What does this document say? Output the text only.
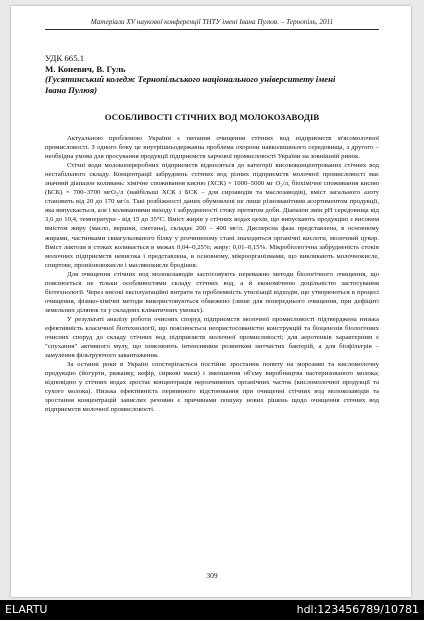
Матеріали XV наукової конференції ТНТУ імені Івана Пулюя. – Тернопіль, 2011
УДК 665.1
М. Коневич, В. Гуль
(Гусятинський коледж Тернопільського національного університету імені
Івана Пулюя)
ОСОБЛИВОСТІ СТІЧНИХ ВОД МОЛОКОЗАВОДІВ

Актуальною проблемою України є питання очищення стічних вод підприємств м'ясомолочної промисловості. З одного боку це внутрішньодержавна проблема охорони навколишнього середовища, з другого – необхідна умова для просування продукції підприємств харчової промисловості України на зовнішній ринок.

Стічні води молокопереробних підприємств відносяться до категорії висококонцентрованих стічних вод нестабільного складу. Концентрації забруднень стічних вод різних підприємств молочної промисловості має значний діапазон коливань: хімічне споживання кисню (ХСК) = 1000–5000 мг O₂/л, біохімічне споживання кисню (БСК) = 700–3700 мгO₂/л (найбільші ХСК і БСК – для сирзаводів та маслозаводів), вміст загального азоту становить від 20 до 170 мг/л. Такі розбіжності даних обумовлені не лише різноманітним асортиментом продукції, яка випускається, але і коливаннями виходу і забрудненості стоку протягом доби. Діапазон змін pH середовища від 3,6 до 10,4, температури - від 15 до 35°С. Вміст жирів у стічних водах цехів, що випускають продукцію з високим вмістом жиру (масло, вершки, сметана), складає 200 – 400 мг/л. Дисперсна фаза представлена, в основному жирами, частинками сквагульованого білку у розчиненому стані знаходяться органічні кислоти, молочний цукор. Вміст лактози в стоках коливається в межах 0,04–0,25%; жиру: 0,01–0,15%. Мікробіологічна забрудненість стоків молочних підприємств невисока і представлена, в основному, мікроорганізмами, що викликають молочнокисле, спиртове, пропіоновокисле і маслянокисле бродіння.

Для очищення стічних вод молокозаводів застосовують переважно методи біологічного очищення, що пояснюється не тільки особливостями складу стічних вод, а й економічною доцільністю застосування біотехнології. Через високі експлуатаційні витрати та проблемність утилізації відходів, що утворюються в процесі очищення, фізико-хімічні методи використовуються обмежено (лише для попереднього очищення, при дефіциті земельних ділянок та у складних кліматичних умовах).

У результаті аналізу роботи очисних споруд підприємств молочної промисловості підтверджена низька ефективність класичної біотехнології, що пояснюється непристосованістю конструкцій та біоценозів біологічних очисних споруд до складу стічних вод підприємств молочної промисловості; для аеротенків характерним є "спухання" активного мулу, що пояснюють інтенсивним розвитком нитчастих бактерій, а для біофільтрів – замулення фільтруючого завантаження.

За останні роки в Україні спостерігається постійне зростання попиту на морозиво та кисломолочну продукцію (йогурти, ряжанку, кефір, сирковi маси) і зменшення об'єму виробництва пастеризованого молока; відповідно у стічних водах зростає концентрація нерозчинених органічних часток (кисломолочної продукції та сухого молока). Низька ефективність первинного відстоювання при очищенні стічних вод молокозаводів та зростання концентрацій завислих речовин є причинами пошуку нових рішень щодо очищення стічних вод підприємств молочної промисловості.

309
ELARTU	hdl:123456789/10781
